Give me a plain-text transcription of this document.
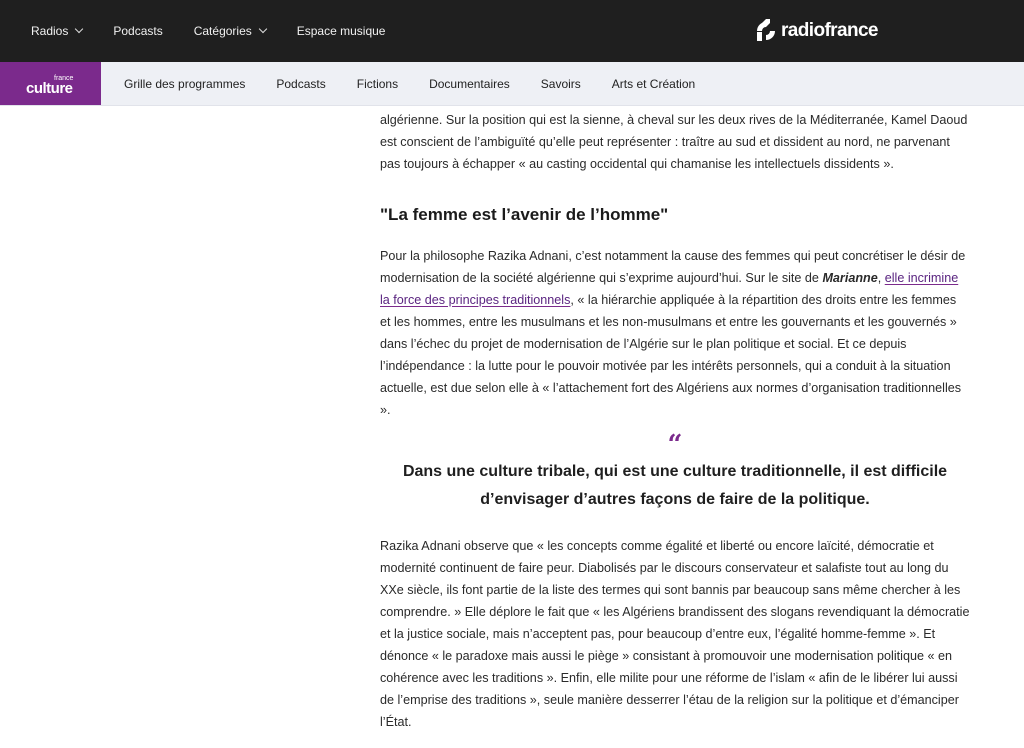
Radios	Podcasts	Catégories	Espace musique	radiofrance
france
culture	Grille des programmes	Podcasts	Fictions	Documentaires	Savoirs	Arts et Création

algérienne. Sur la position qui est la sienne, à cheval sur les deux rives de la Méditerranée, Kamel Daoud est conscient de l’ambiguïté qu’elle peut représenter : traître au sud et dissident au nord, ne parvenant pas toujours à échapper « au casting occidental qui chamanise les intellectuels dissidents ».

"La femme est l’avenir de l’homme"

Pour la philosophe Razika Adnani, c’est notamment la cause des femmes qui peut concrétiser le désir de modernisation de la société algérienne qui s’exprime aujourd’hui. Sur le site de Marianne, elle incrimine la force des principes traditionnels, « la hiérarchie appliquée à la répartition des droits entre les femmes et les hommes, entre les musulmans et les non-musulmans et entre les gouvernants et les gouvernés » dans l’échec du projet de modernisation de l’Algérie sur le plan politique et social. Et ce depuis l’indépendance : la lutte pour le pouvoir motivée par les intérêts personnels, qui a conduit à la situation actuelle, est due selon elle à « l’attachement fort des Algériens aux normes d’organisation traditionnelles ».

“

Dans une culture tribale, qui est une culture traditionnelle, il est difficile d’envisager d’autres façons de faire de la politique.

Razika Adnani observe que « les concepts comme égalité et liberté ou encore laïcité, démocratie et modernité continuent de faire peur. Diabolisés par le discours conservateur et salafiste tout au long du XXe siècle, ils font partie de la liste des termes qui sont bannis par beaucoup sans même chercher à les comprendre. » Elle déplore le fait que « les Algériens brandissent des slogans revendiquant la démocratie et la justice sociale, mais n’acceptent pas, pour beaucoup d’entre eux, l’égalité homme-femme ». Et dénonce « le paradoxe mais aussi le piège » consistant à promouvoir une modernisation politique « en cohérence avec les traditions ». Enfin, elle milite pour une réforme de l’islam « afin de le libérer lui aussi de l’emprise des traditions », seule manière desserrer l’étau de la religion sur la politique et d’émanciper l’État.
